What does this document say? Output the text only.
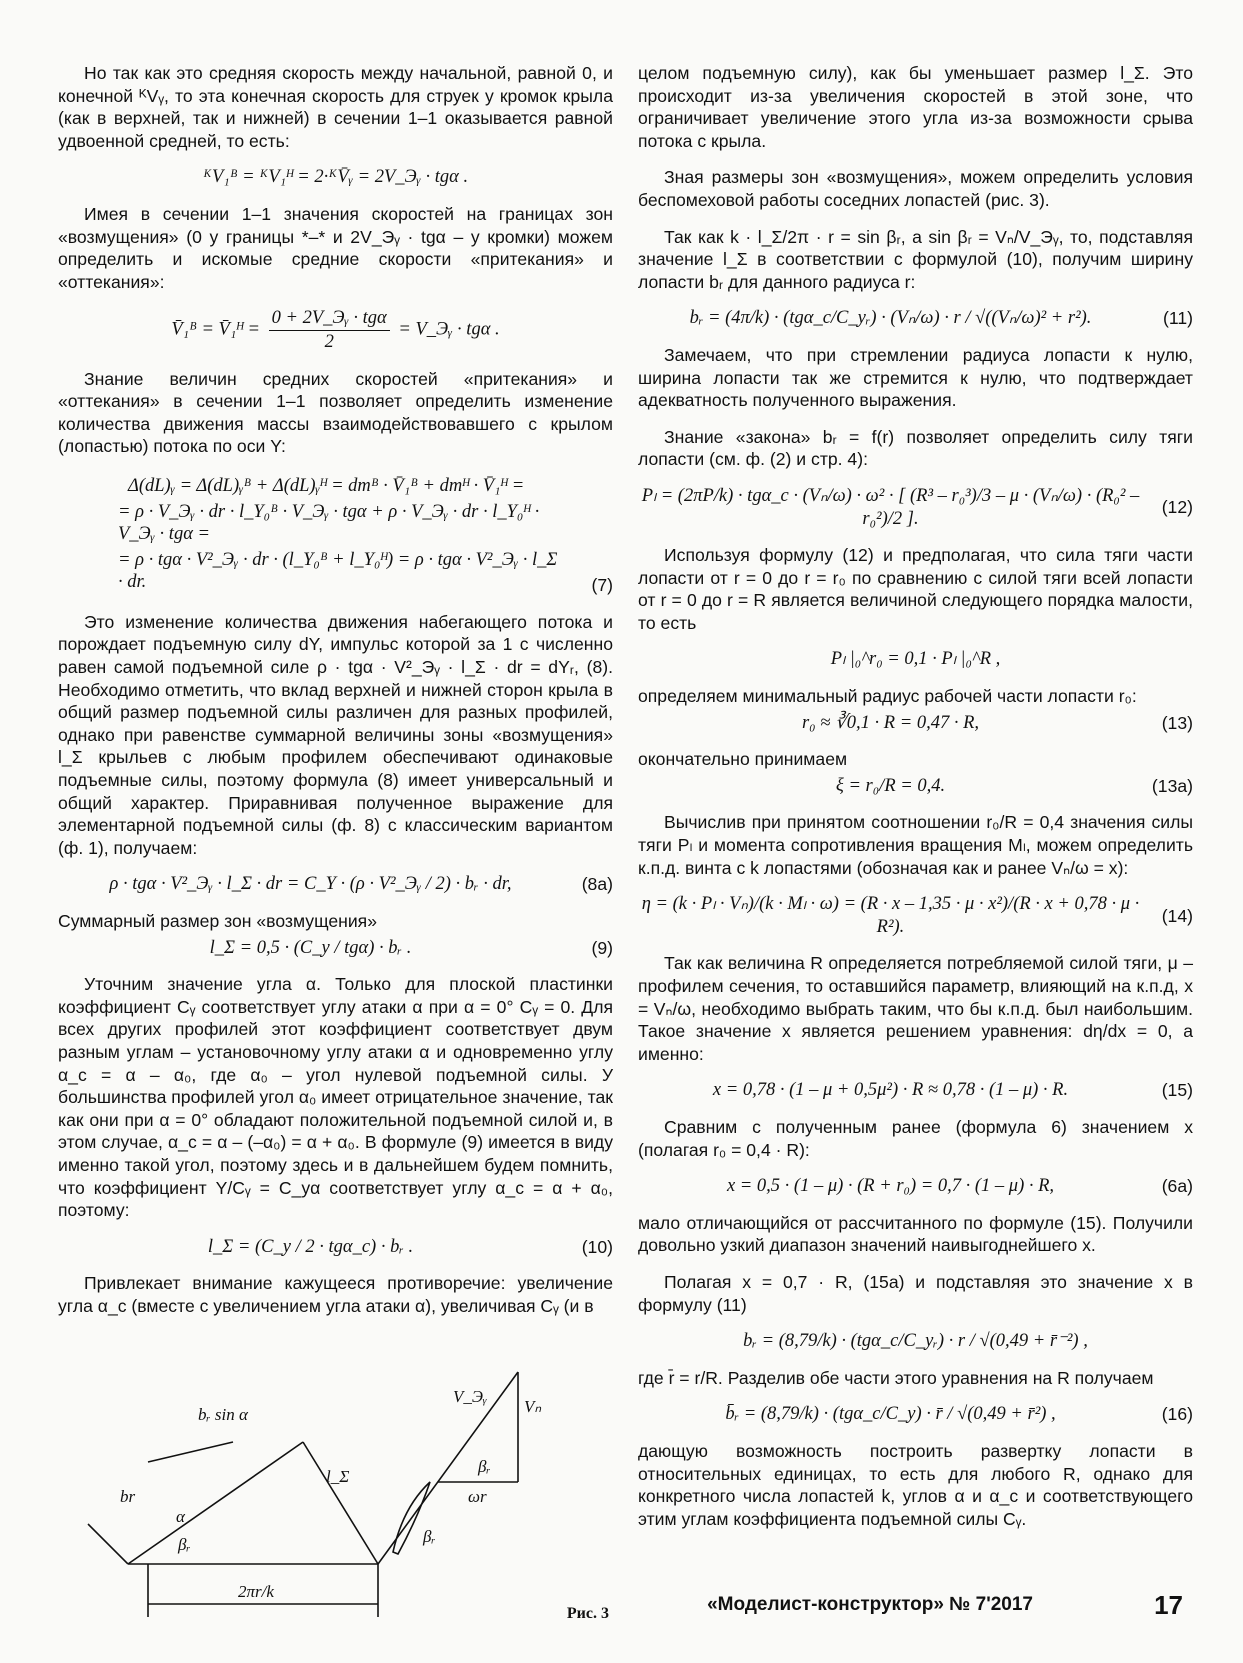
Но так как это средняя скорость между начальной, равной 0, и конечной ᴷVᵧ, то эта конечная скорость для струек у кромок крыла (как в верхней, так и нижней) в сечении 1–1 оказывается равной удвоенной средней, то есть:

ᴷV₁ᴮ = ᴷV₁ᴴ = 2·ᴷV̄ᵧ = 2V_Эᵧ · tgα .

Имея в сечении 1–1 значения скоростей на границах зон «возмущения» (0 у границы *–* и 2V_Эᵧ · tgα – у кромки) можем определить и искомые средние скорости «притекания» и «оттекания»:

V̄₁ᴮ = V̄₁ᴴ = $\frac{\text{0 + 2V\_Эᵧ · tgα}}{2}$ = V_Эᵧ · tgα .

Знание величин средних скоростей «притекания» и «оттекания» в сечении 1–1 позволяет определить изменение количества движения массы взаимодействовавшего с крылом (лопастью) потока по оси Y:

Δ(dL)ᵧ = Δ(dL)ᵧᴮ + Δ(dL)ᵧᴴ = dmᴮ · V̄₁ᴮ + dmᴴ · V̄₁ᴴ =
= ρ · V_Эᵧ · dr · l_Y₀ᴮ · V_Эᵧ · tgα + ρ · V_Эᵧ · dr · l_Y₀ᴴ · V_Эᵧ · tgα =
= ρ · tgα · V²_Эᵧ · dr · (l_Y₀ᴮ + l_Y₀ᴴ) = ρ · tgα · V²_Эᵧ · l_Σ · dr.	(7)

Это изменение количества движения набегающего потока и порождает подъемную силу dY, импульс которой за 1 с численно равен самой подъемной силе ρ · tgα · V²_Эᵧ · l_Σ · dr = dYᵣ, (8). Необходимо отметить, что вклад верхней и нижней сторон крыла в общий размер подъемной силы различен для разных профилей, однако при равенстве суммарной величины зоны «возмущения» l_Σ крыльев с любым профилем обеспечивают одинаковые подъемные силы, поэтому формула (8) имеет универсальный и общий характер. Приравнивая полученное выражение для элементарной подъемной силы (ф. 8) с классическим вариантом (ф. 1), получаем:

ρ · tgα · V²_Эᵧ · l_Σ · dr = C_Y · (ρ · V²_Эᵧ / 2) · bᵣ · dr,	(8а)

Суммарный размер зон «возмущения»

l_Σ = 0,5 · (C_y / tgα) · bᵣ .	(9)

Уточним значение угла α. Только для плоской пластинки коэффициент Cᵧ соответствует углу атаки α при α = 0° Cᵧ = 0. Для всех других профилей этот коэффициент соответствует двум разным углам – установочному углу атаки α и одновременно углу α_c = α – α₀, где α₀ – угол нулевой подъемной силы. У большинства профилей угол α₀ имеет отрицательное значение, так как они при α = 0° обладают положительной подъемной силой и, в этом случае, α_c = α – (–α₀) = α + α₀. В формуле (9) имеется в виду именно такой угол, поэтому здесь и в дальнейшем будем помнить, что коэффициент Y/Cᵧ = C_yα соответствует углу α_c = α + α₀, поэтому:

l_Σ = (C_y / 2 · tgα_c) · bᵣ .	(10)

Привлекает внимание кажущееся противоречие: увеличение угла α_c (вместе с увеличением угла атаки α), увеличивая Cᵧ (и в

bᵣ sin α
br
α
βᵣ
l_Σ
βᵣ
2πr/k
V_Эᵧ
Vₙ
βᵣ
ωr
Рис. 3

целом подъемную силу), как бы уменьшает размер l_Σ. Это происходит из-за увеличения скоростей в этой зоне, что ограничивает увеличение этого угла из-за возможности срыва потока с крыла.

Зная размеры зон «возмущения», можем определить условия беспомеховой работы соседних лопастей (рис. 3).

Так как k · l_Σ/2π · r = sin βᵣ, а sin βᵣ = Vₙ/V_Эᵧ, то, подставляя значение l_Σ в соответствии с формулой (10), получим ширину лопасти bᵣ для данного радиуса r:

bᵣ = (4π/k) · (tgα_c/C_yᵣ) · (Vₙ/ω) · r / √((Vₙ/ω)² + r²).	(11)

Замечаем, что при стремлении радиуса лопасти к нулю, ширина лопасти так же стремится к нулю, что подтверждает адекватность полученного выражения.

Знание «закона» bᵣ = f(r) позволяет определить силу тяги лопасти (см. ф. (2) и стр. 4):

Pₗ = (2πP/k) · tgα_c · (Vₙ/ω) · ω² · [ (R³ – r₀³)/3 – μ · (Vₙ/ω) · (R₀² – r₀²)/2 ].
(12)

Используя формулу (12) и предполагая, что сила тяги части лопасти от r = 0 до r = r₀ по сравнению с силой тяги всей лопасти от r = 0 до r = R является величиной следующего порядка малости, то есть

Pₗ |₀^r₀ = 0,1 · Pₗ |₀^R ,

определяем минимальный радиус рабочей части лопасти r₀:

r₀ ≈ ∛0,1 · R = 0,47 · R,	(13)

окончательно принимаем

ξ = r₀/R = 0,4.	(13а)

Вычислив при принятом соотношении r₀/R = 0,4 значения силы тяги Pₗ и момента сопротивления вращения Mₗ, можем определить к.п.д. винта с k лопастями (обозначая как и ранее Vₙ/ω = x):

η = (k · Pₗ · Vₙ)/(k · Mₗ · ω) = (R · x – 1,35 · μ · x²)/(R · x + 0,78 · μ · R²).
(14)

Так как величина R определяется потребляемой силой тяги, μ – профилем сечения, то оставшийся параметр, влияющий на к.п.д, x = Vₙ/ω, необходимо выбрать таким, что бы к.п.д. был наибольшим. Такое значение x является решением уравнения: dη/dx = 0, а именно:

x = 0,78 · (1 – μ + 0,5μ²) · R ≈ 0,78 · (1 – μ) · R.	(15)

Сравним с полученным ранее (формула 6) значением x (полагая r₀ = 0,4 · R):

x = 0,5 · (1 – μ) · (R + r₀) = 0,7 · (1 – μ) · R,	(6а)

мало отличающийся от рассчитанного по формуле (15). Получили довольно узкий диапазон значений наивыгоднейшего x.

Полагая x = 0,7 · R, (15а) и подставляя это значение x в формулу (11)

bᵣ = (8,79/k) · (tgα_c/C_yᵣ) · r / √(0,49 + r̄⁻²) ,

где r̄ = r/R. Разделив обе части этого уравнения на R получаем

b̄ᵣ = (8,79/k) · (tgα_c/C_y) · r̄ / √(0,49 + r̄²) ,	(16)

дающую возможность построить развертку лопасти в относительных единицах, то есть для любого R, однако для конкретного числа лопастей k, углов α и α_c и соответствующего этим углам коэффициента подъемной силы Cᵧ.

«Моделист-конструктор» № 7'2017	17
